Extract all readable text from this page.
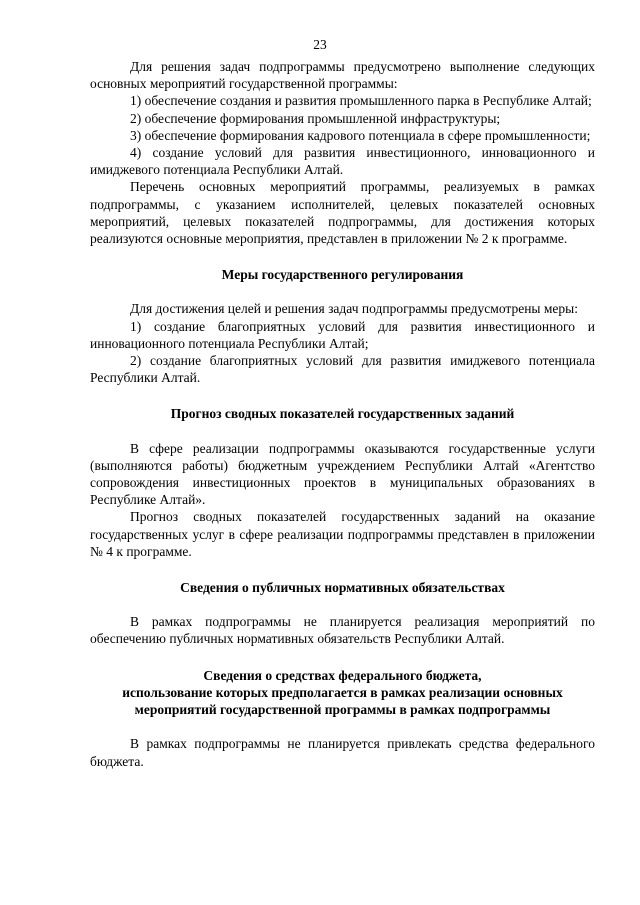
23

Для решения задач подпрограммы предусмотрено выполнение следующих основных мероприятий государственной программы:

1) обеспечение создания и развития промышленного парка в Республике Алтай;

2) обеспечение формирования промышленной инфраструктуры;

3) обеспечение формирования кадрового потенциала в сфере промышленности;

4) создание условий для развития инвестиционного, инновационного и имиджевого потенциала Республики Алтай.

Перечень основных мероприятий программы, реализуемых в рамках подпрограммы, с указанием исполнителей, целевых показателей основных мероприятий, целевых показателей подпрограммы, для достижения которых реализуются основные мероприятия, представлен в приложении № 2 к программе.

Меры государственного регулирования

Для достижения целей и решения задач подпрограммы предусмотрены меры:

1) создание благоприятных условий для развития инвестиционного и инновационного потенциала Республики Алтай;

2) создание благоприятных условий для развития имиджевого потенциала Республики Алтай.

Прогноз сводных показателей государственных заданий

В сфере реализации подпрограммы оказываются государственные услуги (выполняются работы) бюджетным учреждением Республики Алтай «Агентство сопровождения инвестиционных проектов в муниципальных образованиях в Республике Алтай».

Прогноз сводных показателей государственных заданий на оказание государственных услуг в сфере реализации подпрограммы представлен в приложении № 4 к программе.

Сведения о публичных нормативных обязательствах

В рамках подпрограммы не планируется реализация мероприятий по обеспечению публичных нормативных обязательств Республики Алтай.

Сведения о средствах федерального бюджета,

использование которых предполагается в рамках реализации основных

мероприятий государственной программы в рамках подпрограммы

В рамках подпрограммы не планируется привлекать средства федерального бюджета.
